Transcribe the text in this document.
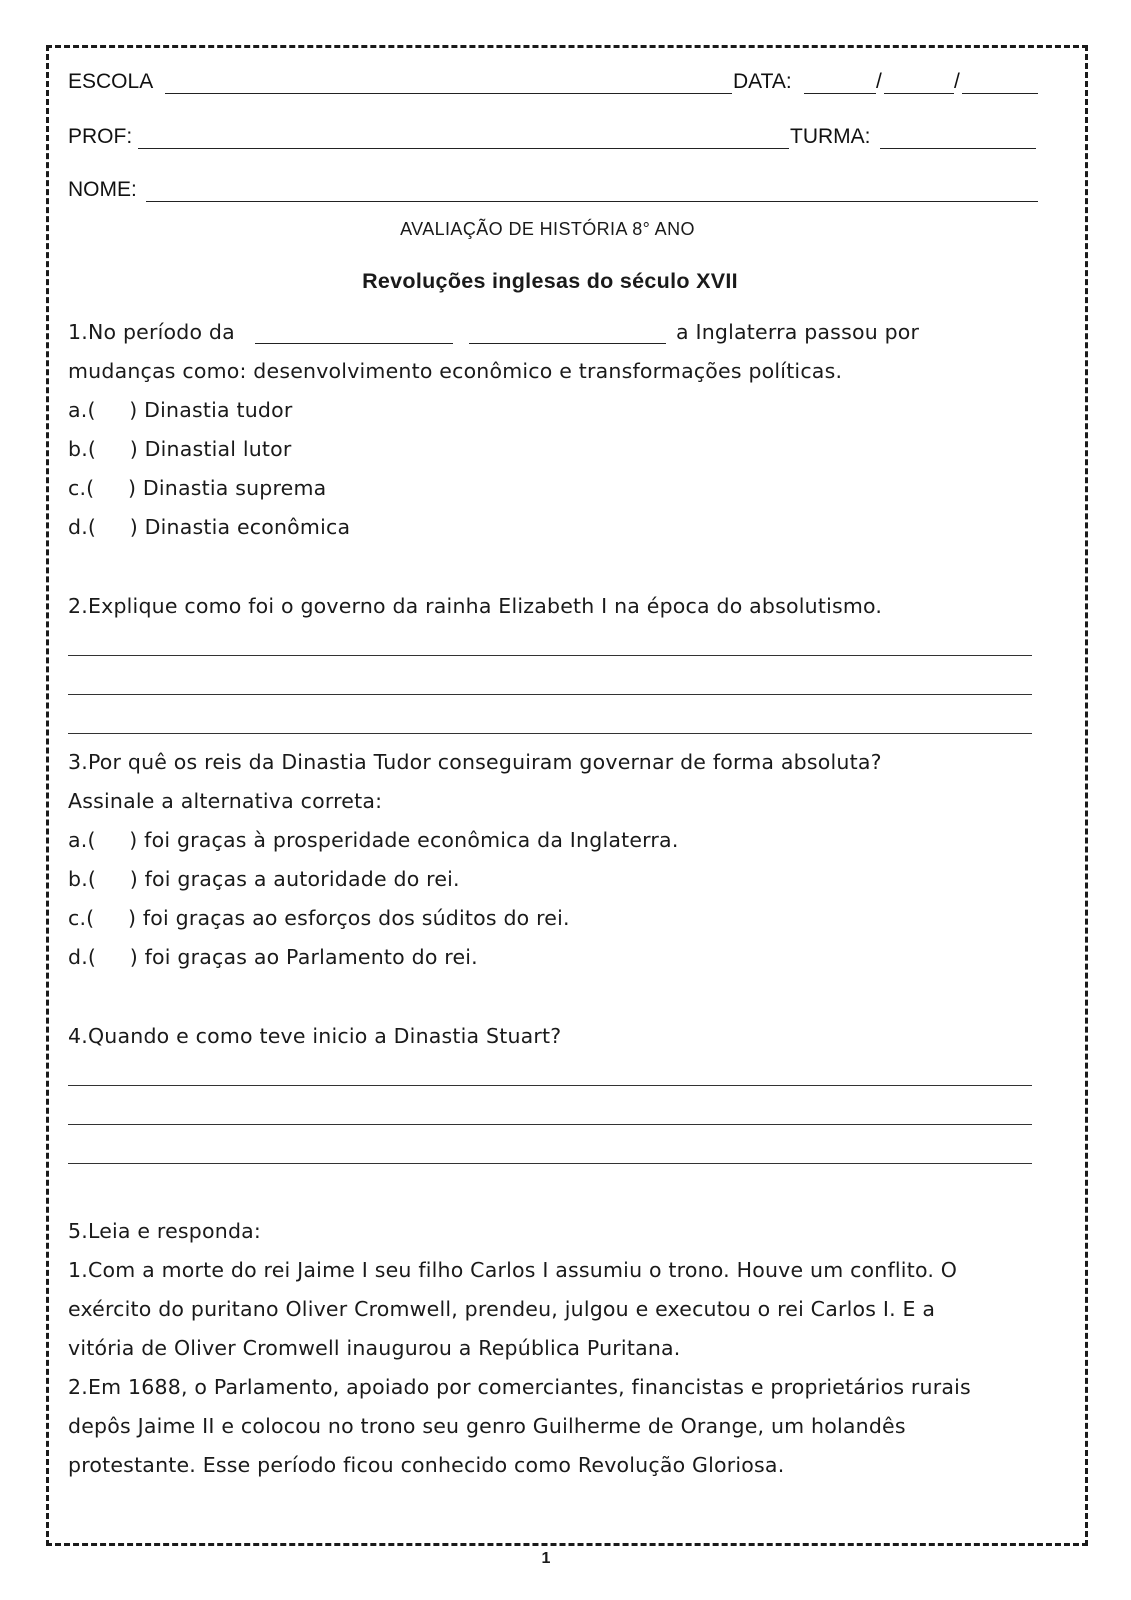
ESCOLA	DATA:	/	/
PROF:	TURMA:
NOME:
AVALIAÇÃO DE HISTÓRIA 8° ANO
Revoluções inglesas do século XVII
1.No período da	a Inglaterra passou por
mudanças como: desenvolvimento econômico e transformações políticas.
a.(     ) Dinastia tudor
b.(     ) Dinastial lutor
c.(     ) Dinastia suprema
d.(     ) Dinastia econômica
2.Explique como foi o governo da rainha Elizabeth I na época do absolutismo.
3.Por quê os reis da Dinastia Tudor conseguiram governar de forma absoluta?
Assinale a alternativa correta:
a.(     ) foi graças à prosperidade econômica da Inglaterra.
b.(     ) foi graças a autoridade do rei.
c.(     ) foi graças ao esforços dos súditos do rei.
d.(     ) foi graças ao Parlamento do rei.
4.Quando e como teve inicio a Dinastia Stuart?
5.Leia e responda:
1.Com a morte do rei Jaime I seu filho Carlos I assumiu o trono. Houve um conflito. O
exército do puritano Oliver Cromwell, prendeu, julgou e executou o rei Carlos I. E a
vitória de Oliver Cromwell inaugurou a República Puritana.
2.Em 1688, o Parlamento, apoiado por comerciantes, financistas e proprietários rurais
depôs Jaime II e colocou no trono seu genro Guilherme de Orange, um holandês
protestante. Esse período ficou conhecido como Revolução Gloriosa.
1
